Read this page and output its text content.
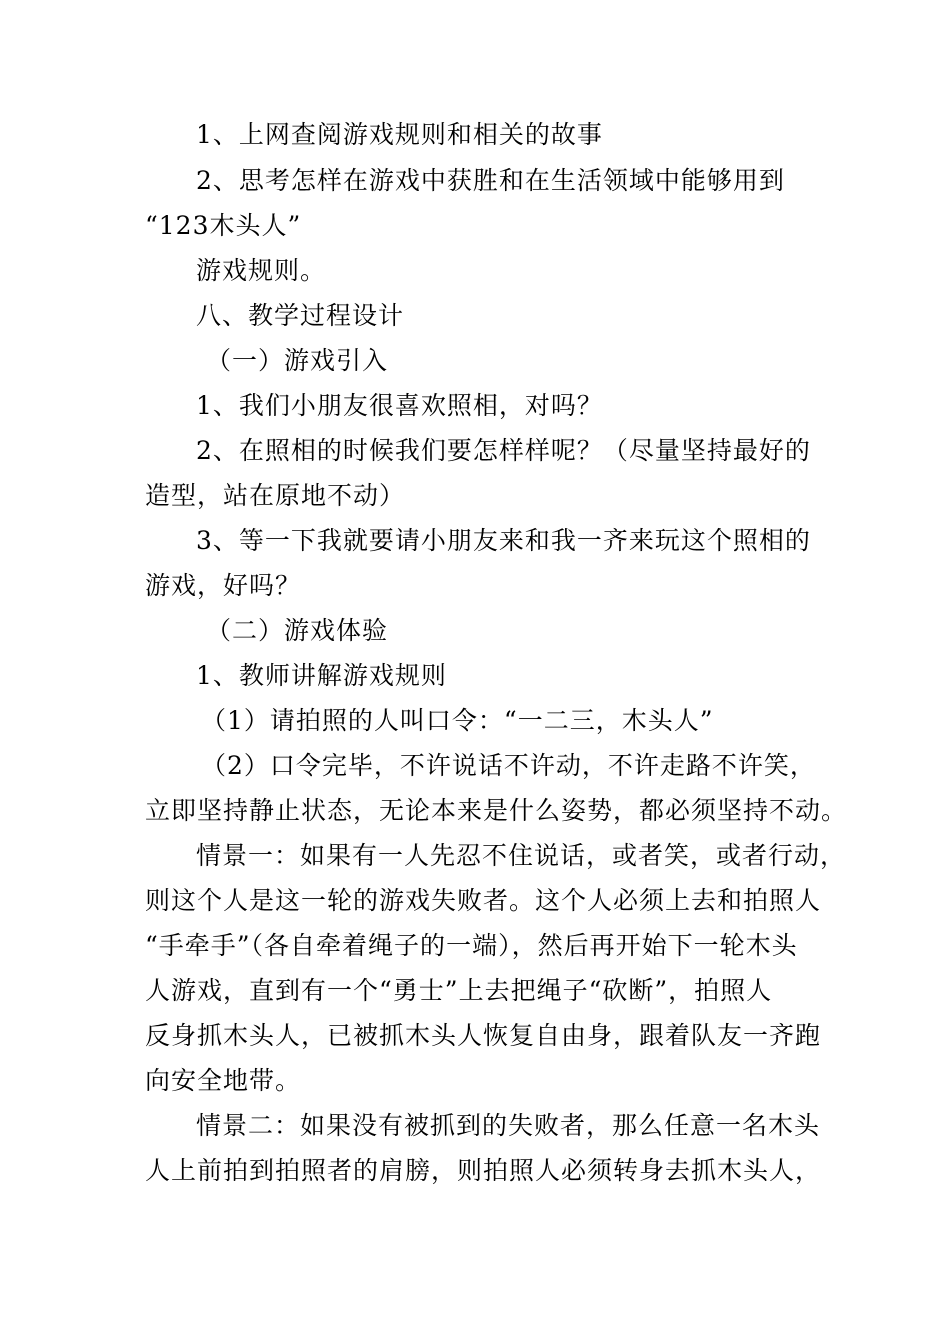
1、上网查阅游戏规则和相关的故事
2、思考怎样在游戏中获胜和在生活领域中能够用到
“123木头人”
游戏规则。
八、教学过程设计
（一）游戏引入
1、我们小朋友很喜欢照相，对吗？
2、在照相的时候我们要怎样样呢？（尽量坚持最好的
造型，站在原地不动）
3、等一下我就要请小朋友来和我一齐来玩这个照相的
游戏，好吗？
（二）游戏体验
1、教师讲解游戏规则
（1）请拍照的人叫口令：“一二三，木头人”
（2）口令完毕，不许说话不许动，不许走路不许笑，
立即坚持静止状态，无论本来是什么姿势，都必须坚持不动。
情景一：如果有一人先忍不住说话，或者笑，或者行动，
则这个人是这一轮的游戏失败者。这个人必须上去和拍照人
“手牵手”（各自牵着绳子的一端），然后再开始下一轮木头
人游戏，直到有一个“勇士”上去把绳子“砍断”，拍照人
反身抓木头人，已被抓木头人恢复自由身，跟着队友一齐跑
向安全地带。
情景二：如果没有被抓到的失败者，那么任意一名木头
人上前拍到拍照者的肩膀，则拍照人必须转身去抓木头人，
